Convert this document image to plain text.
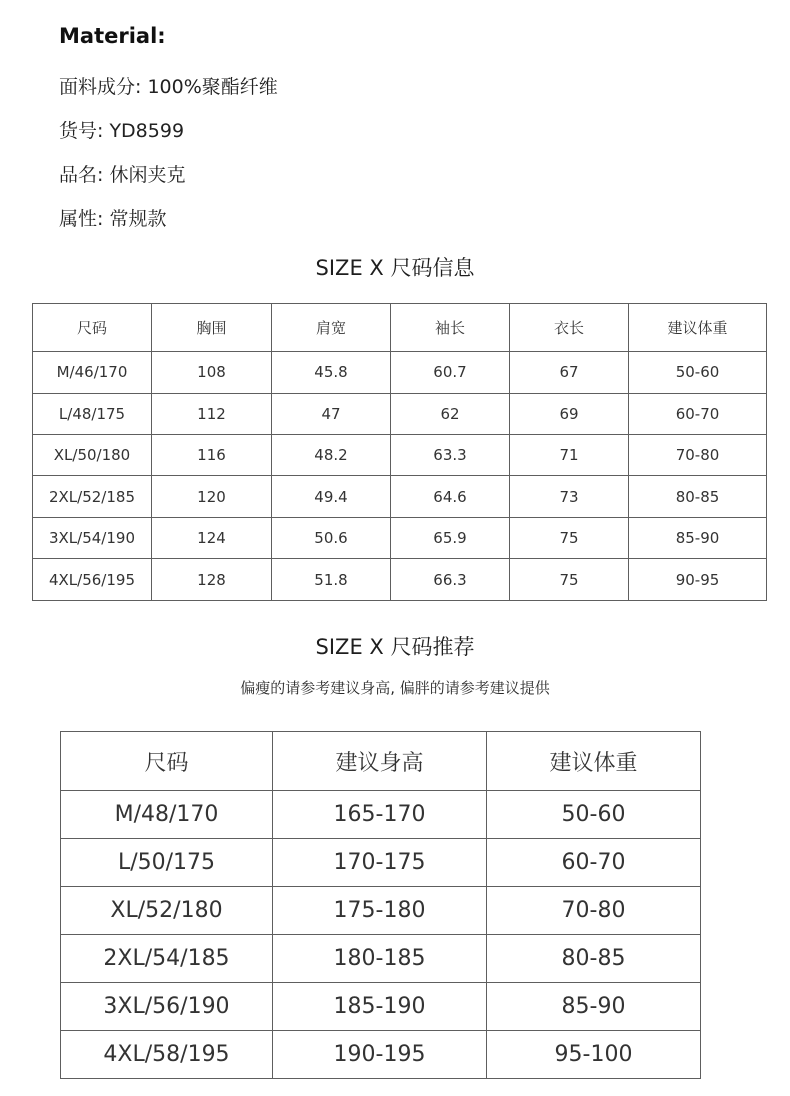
Material:
面料成分: 100%聚酯纤维
货号: YD8599
品名: 休闲夹克
属性: 常规款
SIZE X 尺码信息
尺码	胸围	肩宽	袖长	衣长	建议体重
M/46/170	108	45.8	60.7	67	50-60
L/48/175	112	47	62	69	60-70
XL/50/180	116	48.2	63.3	71	70-80
2XL/52/185	120	49.4	64.6	73	80-85
3XL/54/190	124	50.6	65.9	75	85-90
4XL/56/195	128	51.8	66.3	75	90-95
SIZE X 尺码推荐
偏瘦的请参考建议身高, 偏胖的请参考建议提供
尺码	建议身高	建议体重
M/48/170	165-170	50-60
L/50/175	170-175	60-70
XL/52/180	175-180	70-80
2XL/54/185	180-185	80-85
3XL/56/190	185-190	85-90
4XL/58/195	190-195	95-100
